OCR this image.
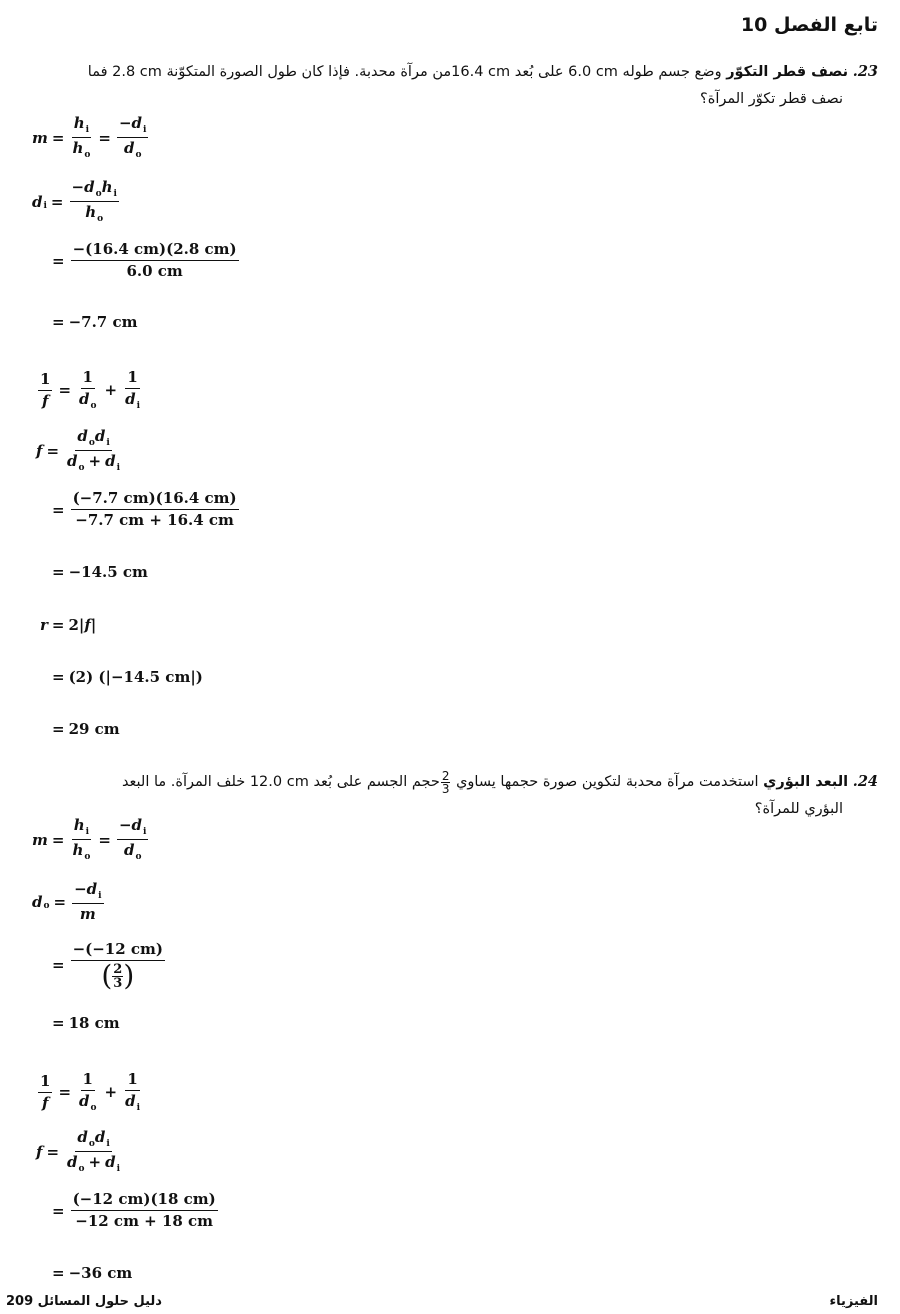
تابع الفصل 10
23. نصف قطر التكوّر وضع جسم طوله 6.0 cm على بُعد 16.4 cmمن مرآة محدبة. فإذا كان طول الصورة المتكوّنة 2.8 cm فما
نصف قطر تكوّر المرآة؟
$m = \frac{h_i}{h_o} = \frac{-d_i}{d_o}$
d $i = \frac{-d_oh_i}{h_o}$
= $\frac{-(16.4 cm)(2.8 cm)}{6.0 cm}$
= −7.7 cm
$\frac{1}{f} = \frac{1}{d_o} + \frac{1}{d_i}$
$f = \frac{d_od_i}{d_o + d_i}$
= $\frac{(-7.7 cm)(16.4 cm)}{-7.7 cm + 16.4 cm}$
= −14.5 cm
r = 2|f|
= (2) (|−14.5 cm|)
= 29 cm
24. البعد البؤري استخدمت مرآة محدبة لتكوين صورة حجمها يساوي
$\frac{2}{3}$
حجم الجسم على بُعد 12.0 cm خلف المرآة. ما البعد
البؤري للمرآة؟
$m = \frac{h_i}{h_o} = \frac{-d_i}{d_o}$
d $o = \frac{-d_i}{m}$
= −(−12 cm)
( 2
3 )
= 18 cm
$\frac{1}{f} = \frac{1}{d_o} + \frac{1}{d_i}$
$f = \frac{d_od_i}{d_o + d_i}$
= $\frac{(-12 cm)(18 cm)}{-12 cm + 18 cm}$
= −36 cm
دليل حلول المسائل 209	الفيزياء
